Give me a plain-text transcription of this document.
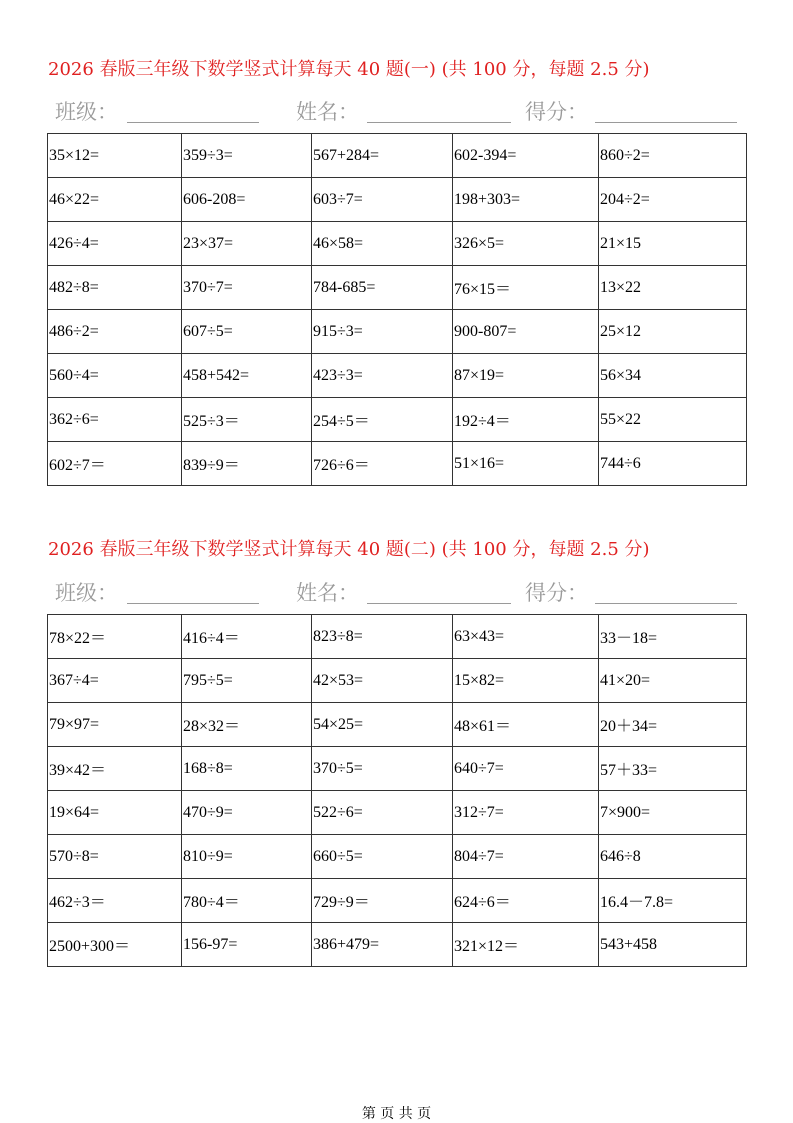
2026 春版三年级下数学竖式计算每天 40 题(一) (共 100 分，每题 2.5 分)
班级：	姓名：	得分：
35×12=	359÷3=	567+284=	602-394=	860÷2=
46×22=	606-208=	603÷7=	198+303=	204÷2=
426÷4=	23×37=	46×58=	326×5=	21×15
482÷8=	370÷7=	784-685=	76×15＝	13×22
486÷2=	607÷5=	915÷3=	900-807=	25×12
560÷4=	458+542=	423÷3=	87×19=	56×34
362÷6=	525÷3＝	254÷5＝	192÷4＝	55×22
602÷7＝	839÷9＝	726÷6＝	51×16=	744÷6
2026 春版三年级下数学竖式计算每天 40 题(二) (共 100 分，每题 2.5 分)
班级：	姓名：	得分：
78×22＝	416÷4＝	823÷8=	63×43=	33－18=
367÷4=	795÷5=	42×53=	15×82=	41×20=
79×97=	28×32＝	54×25=	48×61＝	20＋34=
39×42＝	168÷8=	370÷5=	640÷7=	57＋33=
19×64=	470÷9=	522÷6=	312÷7=	7×900=
570÷8=	810÷9=	660÷5=	804÷7=	646÷8
462÷3＝	780÷4＝	729÷9＝	624÷6＝	16.4－7.8=
2500+300＝	156-97=	386+479=	321×12＝	543+458
第 页 共 页
